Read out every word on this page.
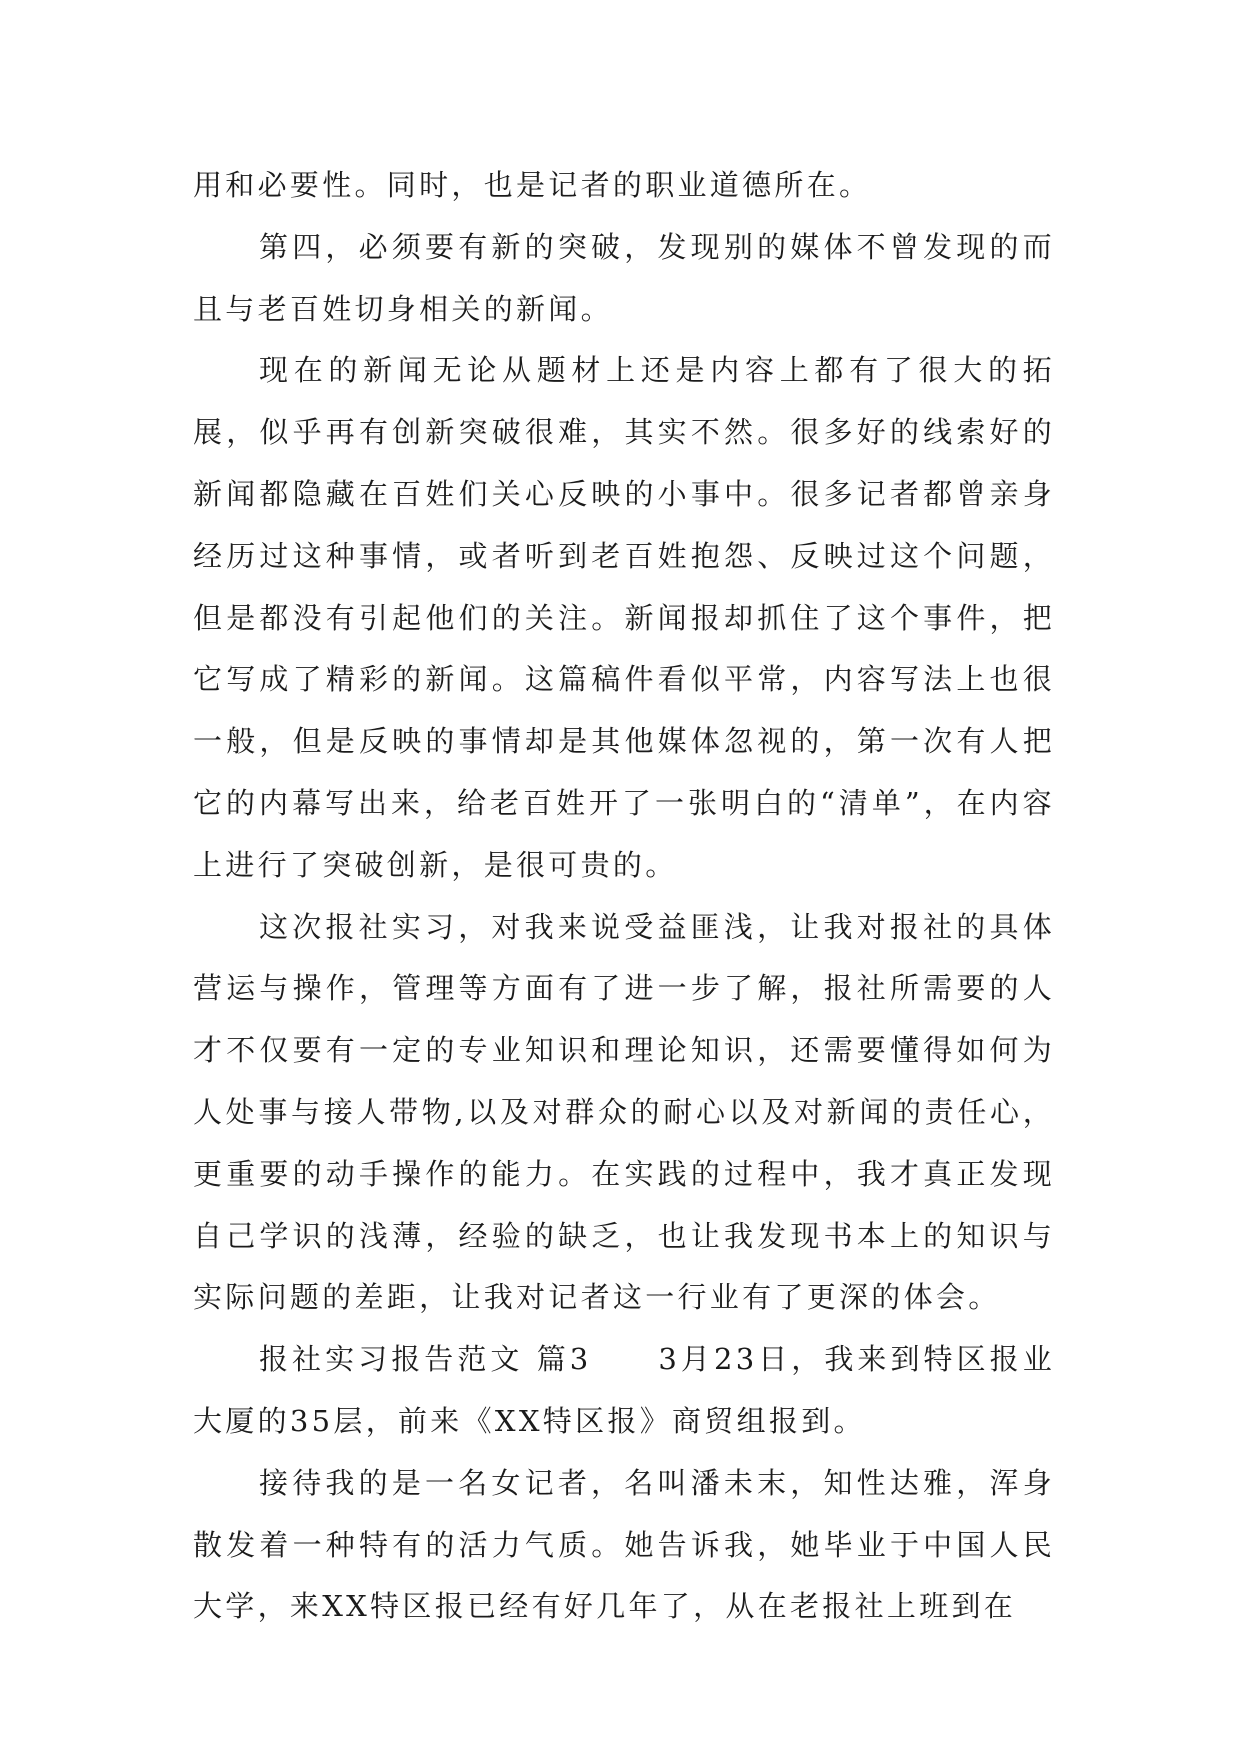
用和必要性。同时，也是记者的职业道德所在。

第四，必须要有新的突破，发现别的媒体不曾发现的而且与老百姓切身相关的新闻。

现在的新闻无论从题材上还是内容上都有了很大的拓展，似乎再有创新突破很难，其实不然。很多好的线索好的新闻都隐藏在百姓们关心反映的小事中。很多记者都曾亲身经历过这种事情，或者听到老百姓抱怨、反映过这个问题，但是都没有引起他们的关注。新闻报却抓住了这个事件，把它写成了精彩的新闻。这篇稿件看似平常，内容写法上也很一般，但是反映的事情却是其他媒体忽视的，第一次有人把它的内幕写出来，给老百姓开了一张明白的“清单”，在内容上进行了突破创新，是很可贵的。

这次报社实习，对我来说受益匪浅，让我对报社的具体营运与操作，管理等方面有了进一步了解，报社所需要的人才不仅要有一定的专业知识和理论知识，还需要懂得如何为人处事与接人带物,以及对群众的耐心以及对新闻的责任心，更重要的动手操作的能力。在实践的过程中，我才真正发现自己学识的浅薄，经验的缺乏，也让我发现书本上的知识与实际问题的差距，让我对记者这一行业有了更深的体会。

报社实习报告范文 篇3　　3月23日，我来到特区报业大厦的35层，前来《XX特区报》商贸组报到。

接待我的是一名女记者，名叫潘未末，知性达雅，浑身散发着一种特有的活力气质。她告诉我，她毕业于中国人民大学，来XX特区报已经有好几年了，从在老报社上班到在
